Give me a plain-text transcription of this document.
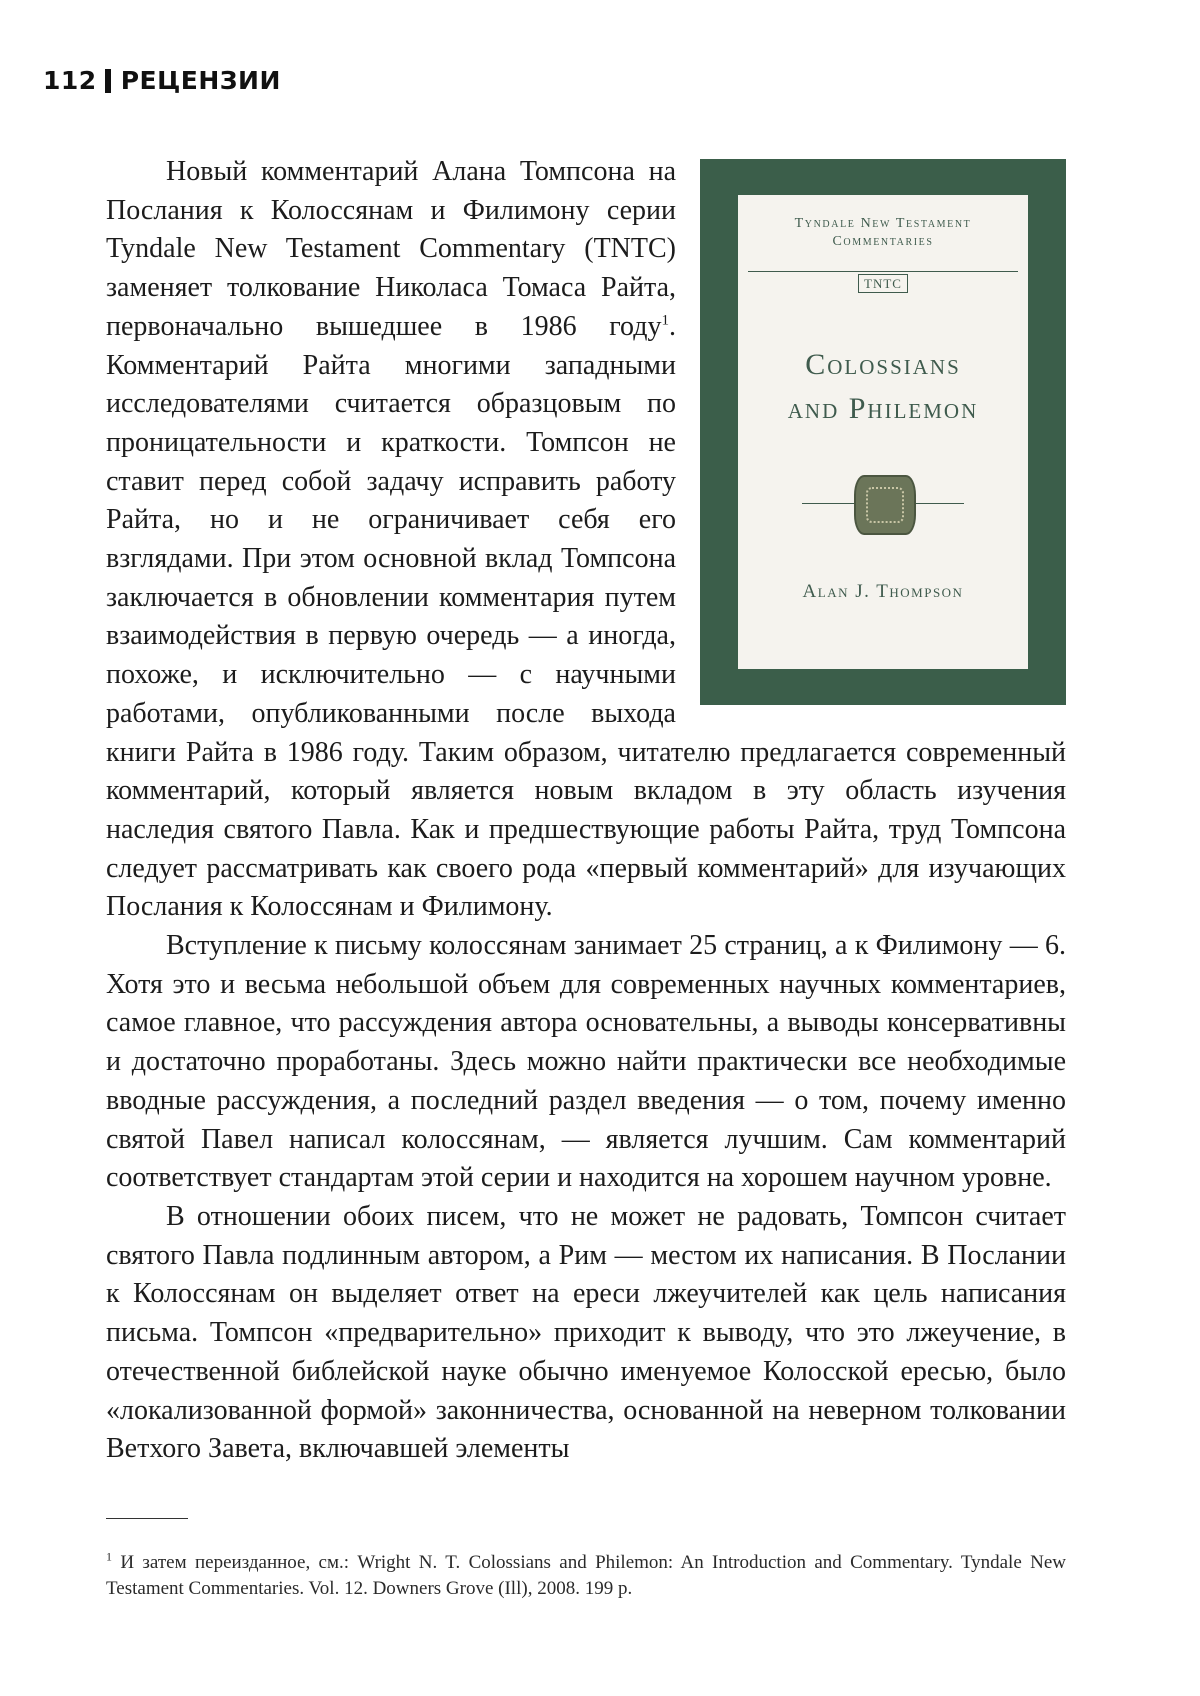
112 РЕЦЕНЗИИ
Tyndale New Testament
Commentaries
TNTC
Colossians
and Philemon
Alan J. Thompson

Новый комментарий Алана Томпсона на Послания к Колоссянам и Филимону серии Tyndale New Testament Commentary (TNTC) заменяет толкование Николаса Томаса Райта, первоначально вышедшее в 1986 году$^1$. Комментарий Райта многими западными исследователями считается образцовым по проницательности и краткости. Томпсон не ставит перед собой задачу исправить работу Райта, но и не ограничивает себя его взглядами. При этом основной вклад Томпсона заключается в обновлении комментария путем взаимодействия в первую очередь — а иногда, похоже, и исключительно — с научными работами, опубликованными после выхода книги Райта в 1986 году. Таким образом, читателю предлагается современный комментарий, который является новым вкладом в эту область изучения наследия святого Павла. Как и предшествующие работы Райта, труд Томпсона следует рассматривать как своего рода «первый комментарий» для изучающих Послания к Колоссянам и Филимону.

Вступление к письму колоссянам занимает 25 страниц, а к Филимону — 6. Хотя это и весьма небольшой объем для современных научных комментариев, самое главное, что рассуждения автора основательны, а выводы консервативны и достаточно проработаны. Здесь можно найти практически все необходимые вводные рассуждения, а последний раздел введения — о том, почему именно святой Павел написал колоссянам, — является лучшим. Сам комментарий соответствует стандартам этой серии и находится на хорошем научном уровне.

В отношении обоих писем, что не может не радовать, Томпсон считает святого Павла подлинным автором, а Рим — местом их написания. В Послании к Колоссянам он выделяет ответ на ереси лжеучителей как цель написания письма. Томпсон «предварительно» приходит к выводу, что это лжеучение, в отечественной библейской науке обычно именуемое Колосской ересью, было «локализованной формой» законничества, основанной на неверном толковании Ветхого Завета, включавшей элементы

$^1$ И затем переизданное, см.: Wright N. T. Colossians and Philemon: An Introduction and Commentary. Tyndale New Testament Commentaries. Vol. 12. Downers Grove (Ill), 2008. 199 p.
